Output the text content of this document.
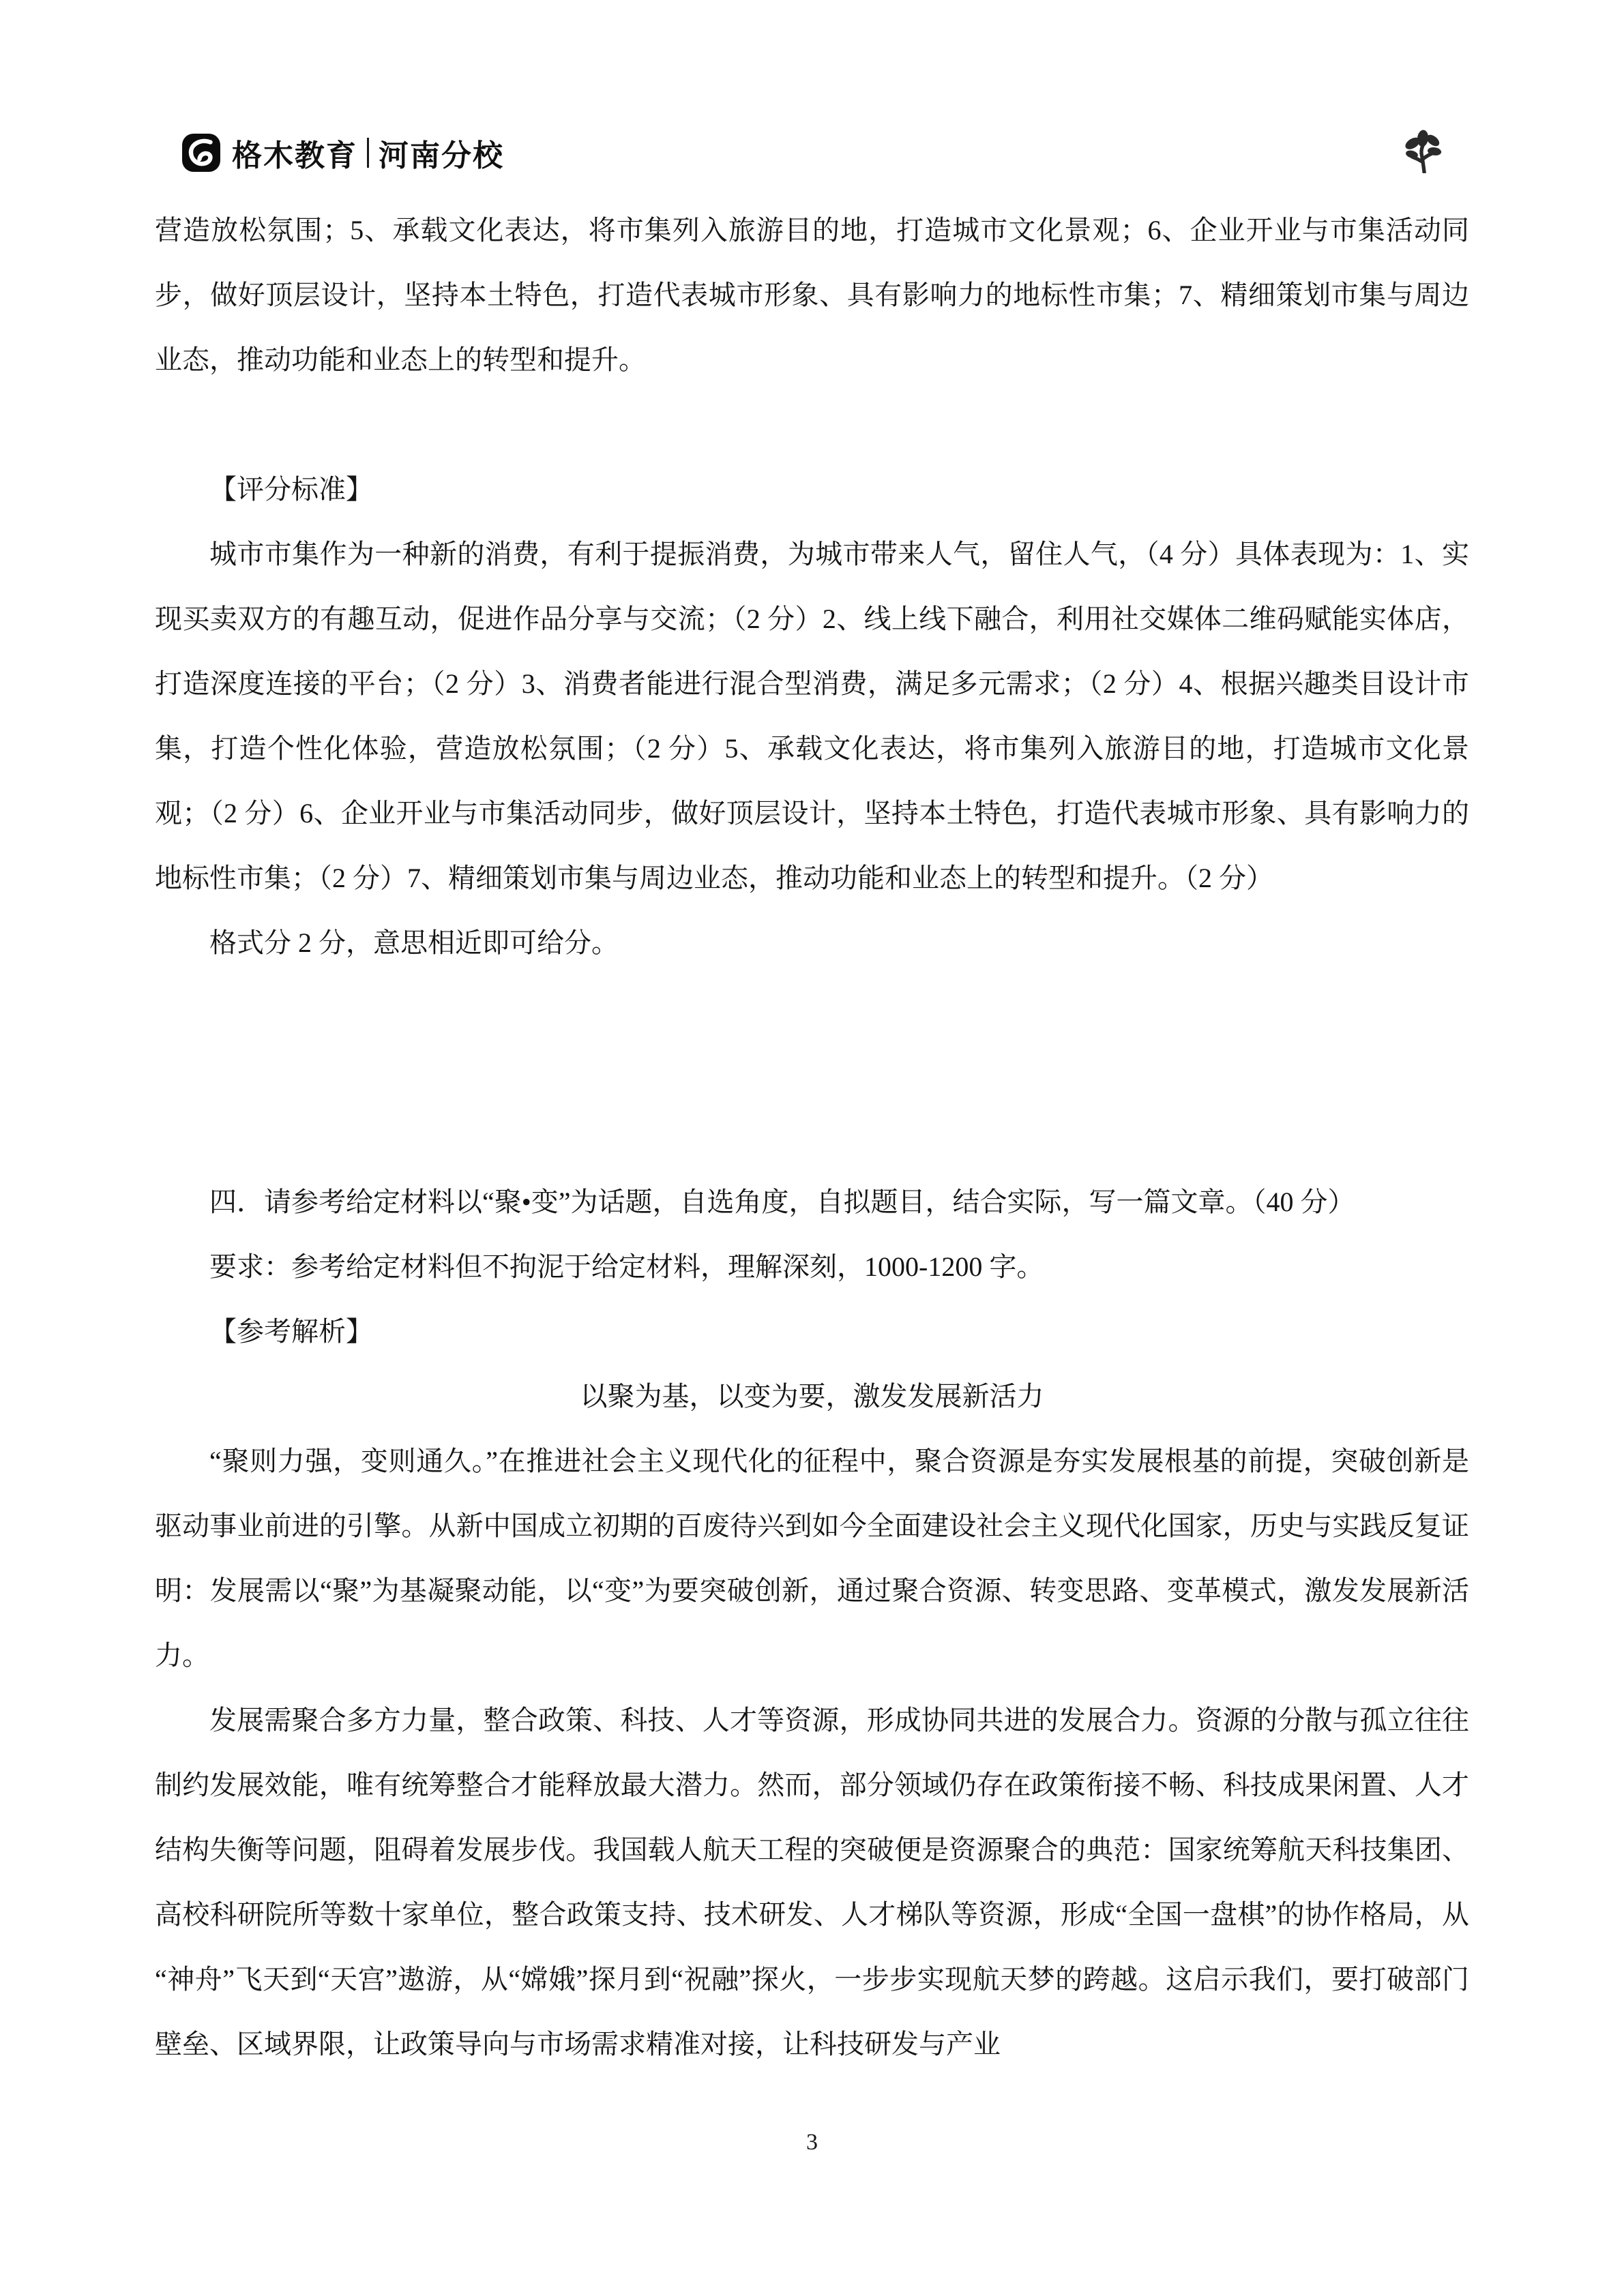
格木教育 河南分校

营造放松氛围；5、承载文化表达，将市集列入旅游目的地，打造城市文化景观；6、企业开业与市集活动同步，做好顶层设计，坚持本土特色，打造代表城市形象、具有影响力的地标性市集；7、精细策划市集与周边业态，推动功能和业态上的转型和提升。

【评分标准】

城市市集作为一种新的消费，有利于提振消费，为城市带来人气，留住人气，（4 分）具体表现为：1、实现买卖双方的有趣互动，促进作品分享与交流；（2 分）2、线上线下融合，利用社交媒体二维码赋能实体店，打造深度连接的平台；（2 分）3、消费者能进行混合型消费，满足多元需求；（2 分）4、根据兴趣类目设计市集，打造个性化体验，营造放松氛围；（2 分）5、承载文化表达，将市集列入旅游目的地，打造城市文化景观；（2 分）6、企业开业与市集活动同步，做好顶层设计，坚持本土特色，打造代表城市形象、具有影响力的地标性市集；（2 分）7、精细策划市集与周边业态，推动功能和业态上的转型和提升。（2 分）

格式分 2 分，意思相近即可给分。

四．请参考给定材料以“聚•变”为话题，自选角度，自拟题目，结合实际，写一篇文章。（40 分）

要求：参考给定材料但不拘泥于给定材料，理解深刻，1000-1200 字。

【参考解析】

以聚为基，以变为要，激发发展新活力

“聚则力强，变则通久。”在推进社会主义现代化的征程中，聚合资源是夯实发展根基的前提，突破创新是驱动事业前进的引擎。从新中国成立初期的百废待兴到如今全面建设社会主义现代化国家，历史与实践反复证明：发展需以“聚”为基凝聚动能，以“变”为要突破创新，通过聚合资源、转变思路、变革模式，激发发展新活力。

发展需聚合多方力量，整合政策、科技、人才等资源，形成协同共进的发展合力。资源的分散与孤立往往制约发展效能，唯有统筹整合才能释放最大潜力。然而，部分领域仍存在政策衔接不畅、科技成果闲置、人才结构失衡等问题，阻碍着发展步伐。我国载人航天工程的突破便是资源聚合的典范：国家统筹航天科技集团、高校科研院所等数十家单位，整合政策支持、技术研发、人才梯队等资源，形成“全国一盘棋”的协作格局，从“神舟”飞天到“天宫”遨游，从“嫦娥”探月到“祝融”探火，一步步实现航天梦的跨越。这启示我们，要打破部门壁垒、区域界限，让政策导向与市场需求精准对接，让科技研发与产业

3
